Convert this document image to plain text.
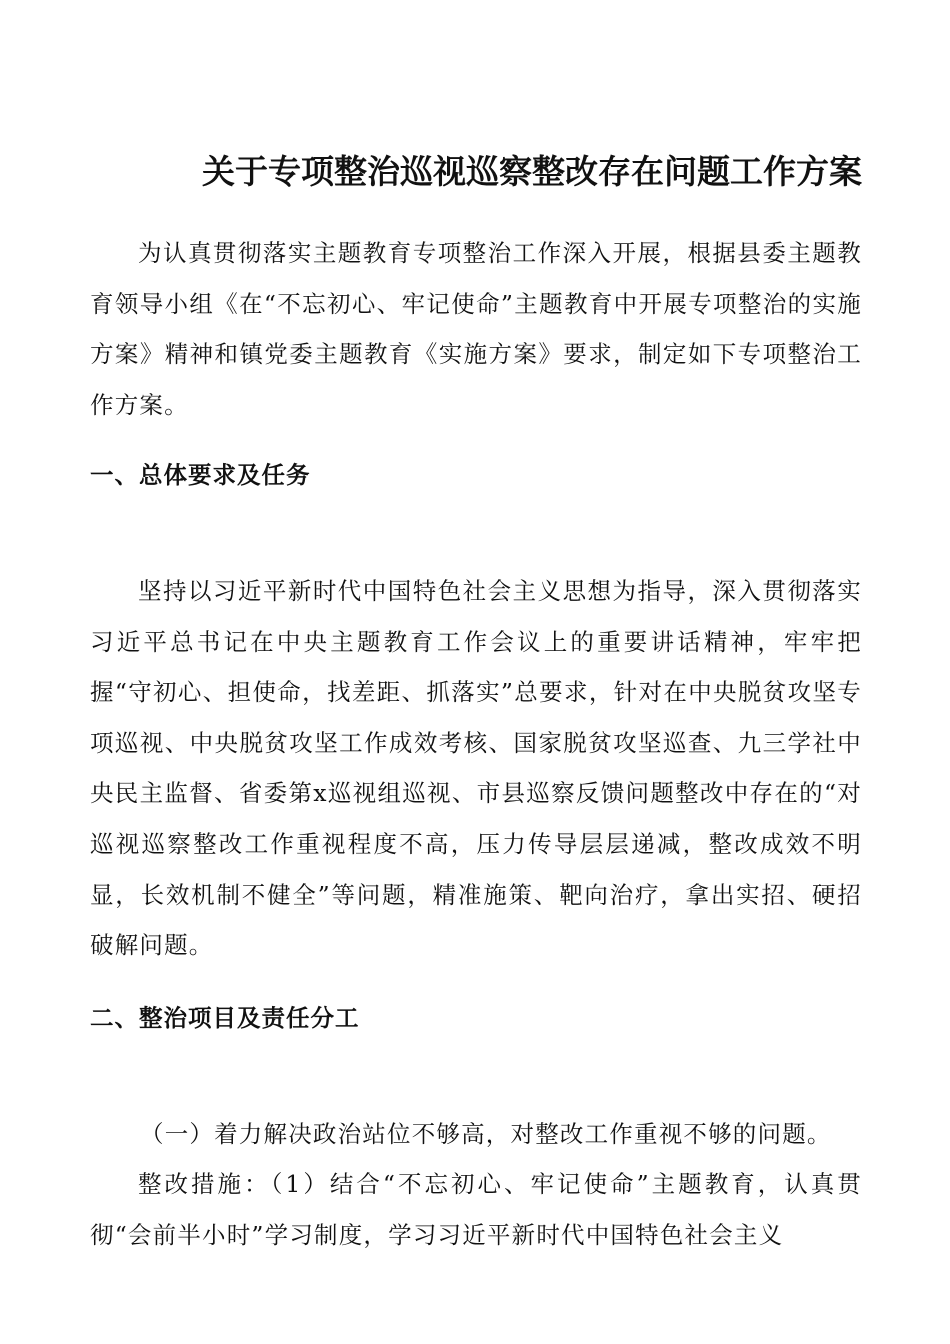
关于专项整治巡视巡察整改存在问题工作方案

为认真贯彻落实主题教育专项整治工作深入开展，根据县委主题教育领导小组《在“不忘初心、牢记使命”主题教育中开展专项整治的实施方案》精神和镇党委主题教育《实施方案》要求，制定如下专项整治工作方案。

一、总体要求及任务

坚持以习近平新时代中国特色社会主义思想为指导，深入贯彻落实习近平总书记在中央主题教育工作会议上的重要讲话精神，牢牢把握“守初心、担使命，找差距、抓落实”总要求，针对在中央脱贫攻坚专项巡视、中央脱贫攻坚工作成效考核、国家脱贫攻坚巡查、九三学社中央民主监督、省委第x巡视组巡视、市县巡察反馈问题整改中存在的“对巡视巡察整改工作重视程度不高，压力传导层层递减，整改成效不明显，长效机制不健全”等问题，精准施策、靶向治疗，拿出实招、硬招破解问题。

二、整治项目及责任分工
（一）着力解决政治站位不够高，对整改工作重视不够的问题。

整改措施：（1）结合“不忘初心、牢记使命”主题教育，认真贯彻“会前半小时”学习制度，学习习近平新时代中国特色社会主义
